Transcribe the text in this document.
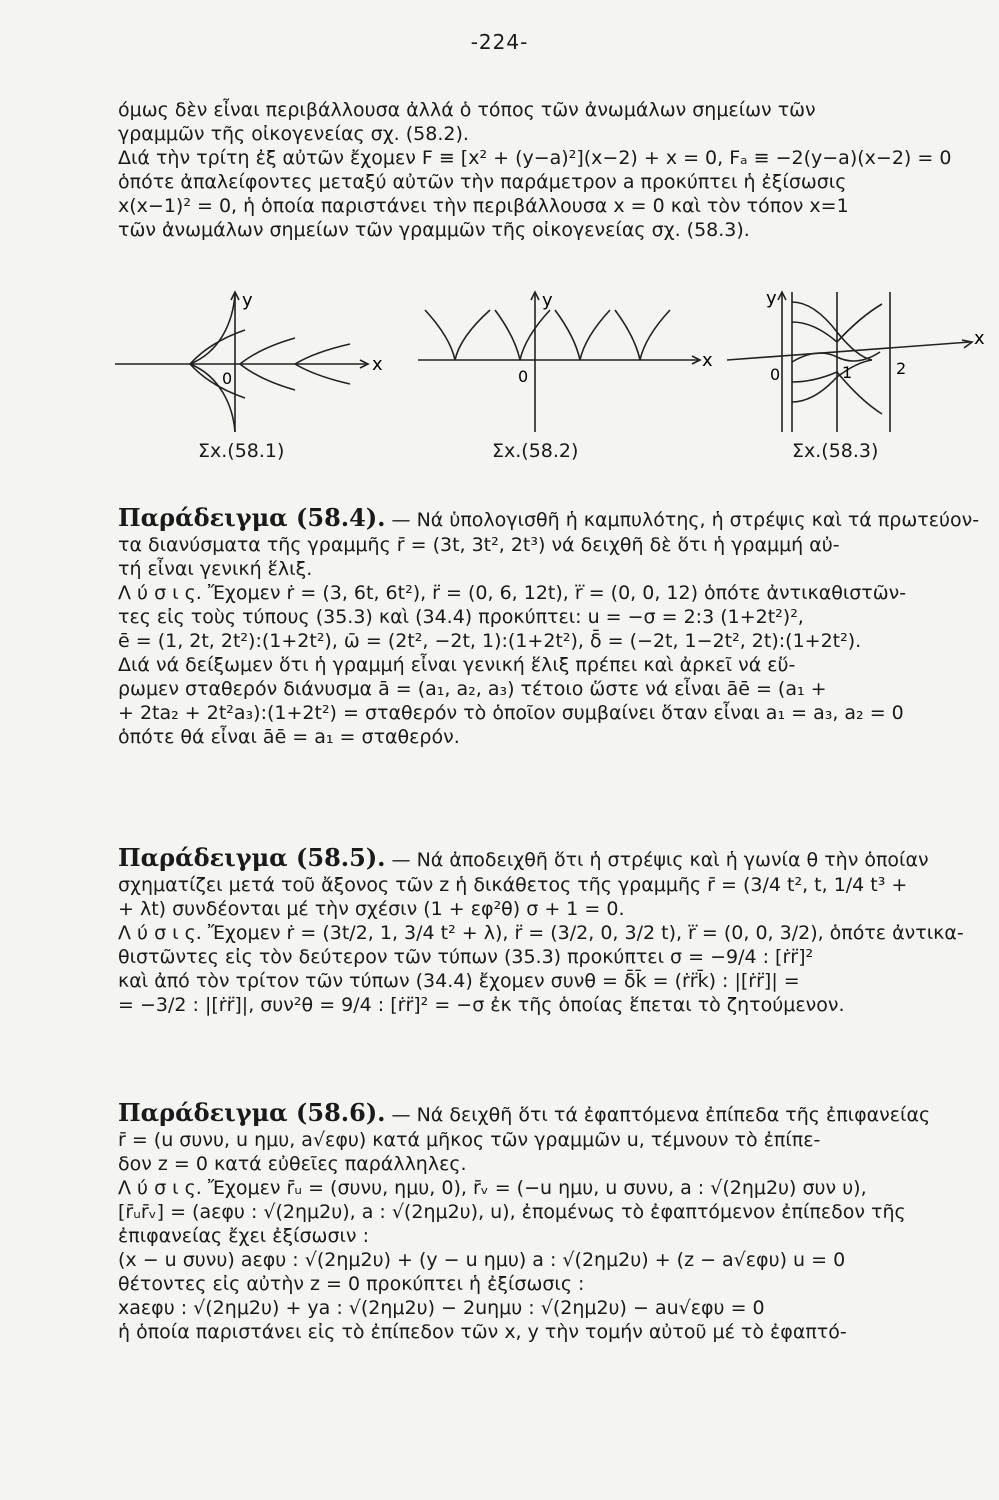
-224-
όμως δὲν εἶναι περιβάλλουσα ἀλλά ὁ τόπος τῶν ἀνωμάλων σημείων τῶν
γραμμῶν τῆς οἰκογενείας σχ. (58.2).
Διά τὴν τρίτη ἐξ αὐτῶν ἔχομεν F ≡ [x² + (y−a)²](x−2) + x = 0, Fₐ ≡ −2(y−a)(x−2) = 0
ὁπότε ἀπαλείφοντες μεταξύ αὐτῶν τὴν παράμετρον a προκύπτει ἡ ἐξίσωσις
x(x−1)² = 0, ἡ ὁποία παριστάνει τὴν περιβάλλουσα x = 0 καὶ τὸν τόπον x=1
τῶν ἀνωμάλων σημείων τῶν γραμμῶν τῆς οἰκογενείας σχ. (58.3).
x
y
0
x
y
0
x
y
0	1	2
Σx.(58.1)	Σx.(58.2)	Σx.(58.3)
Παράδειγμα (58.4). — Νά ὑπολογισθῆ ἡ καμπυλότης, ἡ στρέψις καὶ τά πρωτεύον-
τα διανύσματα τῆς γραμμῆς r̄ = (3t, 3t², 2t³) νά δειχθῆ δὲ ὅτι ἡ γραμμή αὐ-
τή εἶναι γενική ἕλιξ.
Λ ύ σ ι ς. Ἔχομεν ṙ = (3, 6t, 6t²), r̈ = (0, 6, 12t), r⃛ = (0, 0, 12) ὁπότε ἀντικαθιστῶν-
τες εἰς τοὺς τύπους (35.3) καὶ (34.4) προκύπτει: u = −σ = 2:3 (1+2t²)²,
ē = (1, 2t, 2t²):(1+2t²), ω̄ = (2t², −2t, 1):(1+2t²), δ̄ = (−2t, 1−2t², 2t):(1+2t²).
Διά νά δείξωμεν ὅτι ἡ γραμμή εἶναι γενική ἕλιξ πρέπει καὶ ἀρκεῖ νά εὕ-
ρωμεν σταθερόν διάνυσμα ā = (a₁, a₂, a₃) τέτοιο ὥστε νά εἶναι āē = (a₁ +
+ 2ta₂ + 2t²a₃):(1+2t²) = σταθερόν τὸ ὁποῖον συμβαίνει ὅταν εἶναι a₁ = a₃, a₂ = 0
ὁπότε θά εἶναι āē = a₁ = σταθερόν.
Παράδειγμα (58.5). — Νά ἀποδειχθῆ ὅτι ἡ στρέψις καὶ ἡ γωνία θ τὴν ὁποίαν
σχηματίζει μετά τοῦ ἄξονος τῶν z ἡ δικάθετος τῆς γραμμῆς r̄ = (3/4 t², t, 1/4 t³ +
+ λt) συνδέονται μέ τὴν σχέσιν (1 + εφ²θ) σ + 1 = 0.
Λ ύ σ ι ς. Ἔχομεν ṙ = (3t/2, 1, 3/4 t² + λ), r̈ = (3/2, 0, 3/2 t), r⃛ = (0, 0, 3/2), ὁπότε ἀντικα-
θιστῶντες εἰς τὸν δεύτερον τῶν τύπων (35.3) προκύπτει σ = −9/4 : [ṙr̈]²
καὶ ἀπό τὸν τρίτον τῶν τύπων (34.4) ἔχομεν συνθ = δ̄k̄ = (ṙr̈k̄) : |[ṙr̈]| =
= −3/2 : |[ṙr̈]|, συν²θ = 9/4 : [ṙr̈]² = −σ ἐκ τῆς ὁποίας ἕπεται τὸ ζητούμενον.
Παράδειγμα (58.6). — Νά δειχθῆ ὅτι τά ἐφαπτόμενα ἐπίπεδα τῆς ἐπιφανείας
r̄ = (u συνυ, u ημυ, a√εφυ) κατά μῆκος τῶν γραμμῶν u, τέμνουν τὸ ἐπίπε-
δον z = 0 κατά εὐθεῖες παράλληλες.
Λ ύ σ ι ς. Ἔχομεν r̄ᵤ = (συνυ, ημυ, 0), r̄ᵥ = (−u ημυ, u συνυ, a : √(2ημ2υ) συν υ),
[r̄ᵤr̄ᵥ] = (aεφυ : √(2ημ2υ), a : √(2ημ2υ), u), ἐπομένως τὸ ἐφαπτόμενον ἐπίπεδον τῆς
ἐπιφανείας ἔχει ἐξίσωσιν :
(x − u συνυ) aεφυ : √(2ημ2υ) + (y − u ημυ) a : √(2ημ2υ) + (z − a√εφυ) u = 0
θέτοντες εἰς αὐτὴν z = 0 προκύπτει ἡ ἐξίσωσις :
xaεφυ : √(2ημ2υ) + ya : √(2ημ2υ) − 2uημυ : √(2ημ2υ) − au√εφυ = 0
ἡ ὁποία παριστάνει εἰς τὸ ἐπίπεδον τῶν x, y τὴν τομήν αὐτοῦ μέ τὸ ἐφαπτό-
